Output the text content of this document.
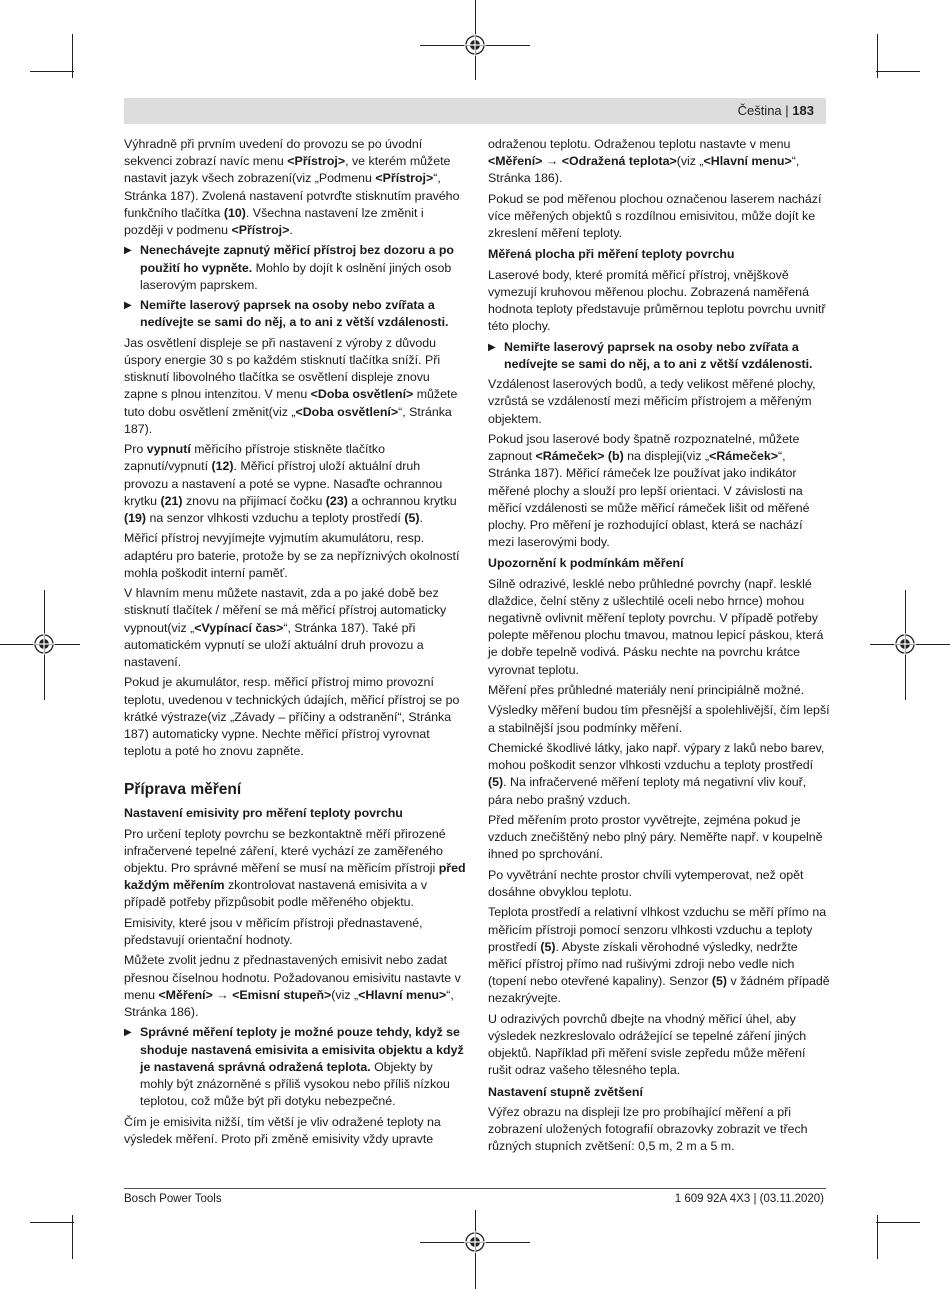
Čeština | 183

Výhradně při prvním uvedení do provozu se po úvodní sekvenci zobrazí navíc menu <Přístroj>, ve kterém můžete nastavit jazyk všech zobrazení(viz „Podmenu <Přístroj>“, Stránka 187). Zvolená nastavení potvrďte stisknutím pravého funkčního tlačítka (10). Všechna nastavení lze změnit i později v podmenu <Přístroj>.

▶ Nenechávejte zapnutý měřicí přístroj bez dozoru a po použití ho vypněte. Mohlo by dojít k oslnění jiných osob laserovým paprskem.

▶ Nemiřte laserový paprsek na osoby nebo zvířata a nedívejte se sami do něj, a to ani z větší vzdálenosti.

Jas osvětlení displeje se při nastavení z výroby z důvodu úspory energie 30 s po každém stisknutí tlačítka sníží. Při stisknutí libovolného tlačítka se osvětlení displeje znovu zapne s plnou intenzitou. V menu <Doba osvětlení> můžete tuto dobu osvětlení změnit(viz „<Doba osvětlení>“, Stránka 187).

Pro vypnutí měřicího přístroje stiskněte tlačítko zapnutí/vypnutí (12). Měřicí přístroj uloží aktuální druh provozu a nastavení a poté se vypne. Nasaďte ochrannou krytku (21) znovu na přijímací čočku (23) a ochrannou krytku (19) na senzor vlhkosti vzduchu a teploty prostředí (5).

Měřicí přístroj nevyjímejte vyjmutím akumulátoru, resp. adaptéru pro baterie, protože by se za nepříznivých okolností mohla poškodit interní paměť.

V hlavním menu můžete nastavit, zda a po jaké době bez stisknutí tlačítek / měření se má měřicí přístroj automaticky vypnout(viz „<Vypínací čas>“, Stránka 187). Také při automatickém vypnutí se uloží aktuální druh provozu a nastavení.

Pokud je akumulátor, resp. měřicí přístroj mimo provozní teplotu, uvedenou v technických údajích, měřicí přístroj se po krátké výstraze(viz „Závady – příčiny a odstranění“, Stránka 187) automaticky vypne. Nechte měřicí přístroj vyrovnat teplotu a poté ho znovu zapněte.

Příprava měření
Nastavení emisivity pro měření teploty povrchu

Pro určení teploty povrchu se bezkontaktně měří přirozené infračervené tepelné záření, které vychází ze zaměřeného objektu. Pro správné měření se musí na měřicím přístroji před každým měřením zkontrolovat nastavená emisivita a v případě potřeby přizpůsobit podle měřeného objektu.

Emisivity, které jsou v měřicím přístroji přednastavené, představují orientační hodnoty.

Můžete zvolit jednu z přednastavených emisivit nebo zadat přesnou číselnou hodnotu. Požadovanou emisivitu nastavte v menu <Měření> → <Emisní stupeň>(viz „<Hlavní menu>“, Stránka 186).

▶ Správné měření teploty je možné pouze tehdy, když se shoduje nastavená emisivita a emisivita objektu a když je nastavená správná odražená teplota. Objekty by mohly být znázorněné s příliš vysokou nebo příliš nízkou teplotou, což může být při dotyku nebezpečné.

Čím je emisivita nižší, tím větší je vliv odražené teploty na výsledek měření. Proto při změně emisivity vždy upravte

odraženou teplotu. Odraženou teplotu nastavte v menu <Měření> → <Odražená teplota>(viz „<Hlavní menu>“, Stránka 186).

Pokud se pod měřenou plochou označenou laserem nachází více měřených objektů s rozdílnou emisivitou, může dojít ke zkreslení měření teploty.

Měřená plocha při měření teploty povrchu

Laserové body, které promítá měřicí přístroj, vnějškově vymezují kruhovou měřenou plochu. Zobrazená naměřená hodnota teploty představuje průměrnou teplotu povrchu uvnitř této plochy.

▶ Nemiřte laserový paprsek na osoby nebo zvířata a nedívejte se sami do něj, a to ani z větší vzdálenosti.

Vzdálenost laserových bodů, a tedy velikost měřené plochy, vzrůstá se vzdáleností mezi měřicím přístrojem a měřeným objektem.

Pokud jsou laserové body špatně rozpoznatelné, můžete zapnout <Rámeček> (b) na displeji(viz „<Rámeček>“, Stránka 187). Měřicí rámeček lze používat jako indikátor měřené plochy a slouží pro lepší orientaci. V závislosti na měřicí vzdálenosti se může měřicí rámeček lišit od měřené plochy. Pro měření je rozhodující oblast, která se nachází mezi laserovými body.

Upozornění k podmínkám měření

Silně odrazivé, lesklé nebo průhledné povrchy (např. lesklé dlaždice, čelní stěny z ušlechtilé oceli nebo hrnce) mohou negativně ovlivnit měření teploty povrchu. V případě potřeby polepte měřenou plochu tmavou, matnou lepicí páskou, která je dobře tepelně vodivá. Pásku nechte na povrchu krátce vyrovnat teplotu.

Měření přes průhledné materiály není principiálně možné.

Výsledky měření budou tím přesnější a spolehlivější, čím lepší a stabilnější jsou podmínky měření.

Chemické škodlivé látky, jako např. výpary z laků nebo barev, mohou poškodit senzor vlhkosti vzduchu a teploty prostředí (5). Na infračervené měření teploty má negativní vliv kouř, pára nebo prašný vzduch.

Před měřením proto prostor vyvětrejte, zejména pokud je vzduch znečištěný nebo plný páry. Neměřte např. v koupelně ihned po sprchování.

Po vyvětrání nechte prostor chvíli vytemperovat, než opět dosáhne obvyklou teplotu.

Teplota prostředí a relativní vlhkost vzduchu se měří přímo na měřicím přístroji pomocí senzoru vlhkosti vzduchu a teploty prostředí (5). Abyste získali věrohodné výsledky, nedržte měřicí přístroj přímo nad rušivými zdroji nebo vedle nich (topení nebo otevřené kapaliny). Senzor (5) v žádném případě nezakrývejte.

U odrazivých povrchů dbejte na vhodný měřicí úhel, aby výsledek nezkreslovalo odrážející se tepelné záření jiných objektů. Například při měření svisle zepředu může měření rušit odraz vašeho tělesného tepla.

Nastavení stupně zvětšení

Výřez obrazu na displeji lze pro probíhající měření a při zobrazení uložených fotografií obrazovky zobrazit ve třech různých stupních zvětšení: 0,5 m, 2 m a 5 m.

Bosch Power Tools	1 609 92A 4X3 | (03.11.2020)
